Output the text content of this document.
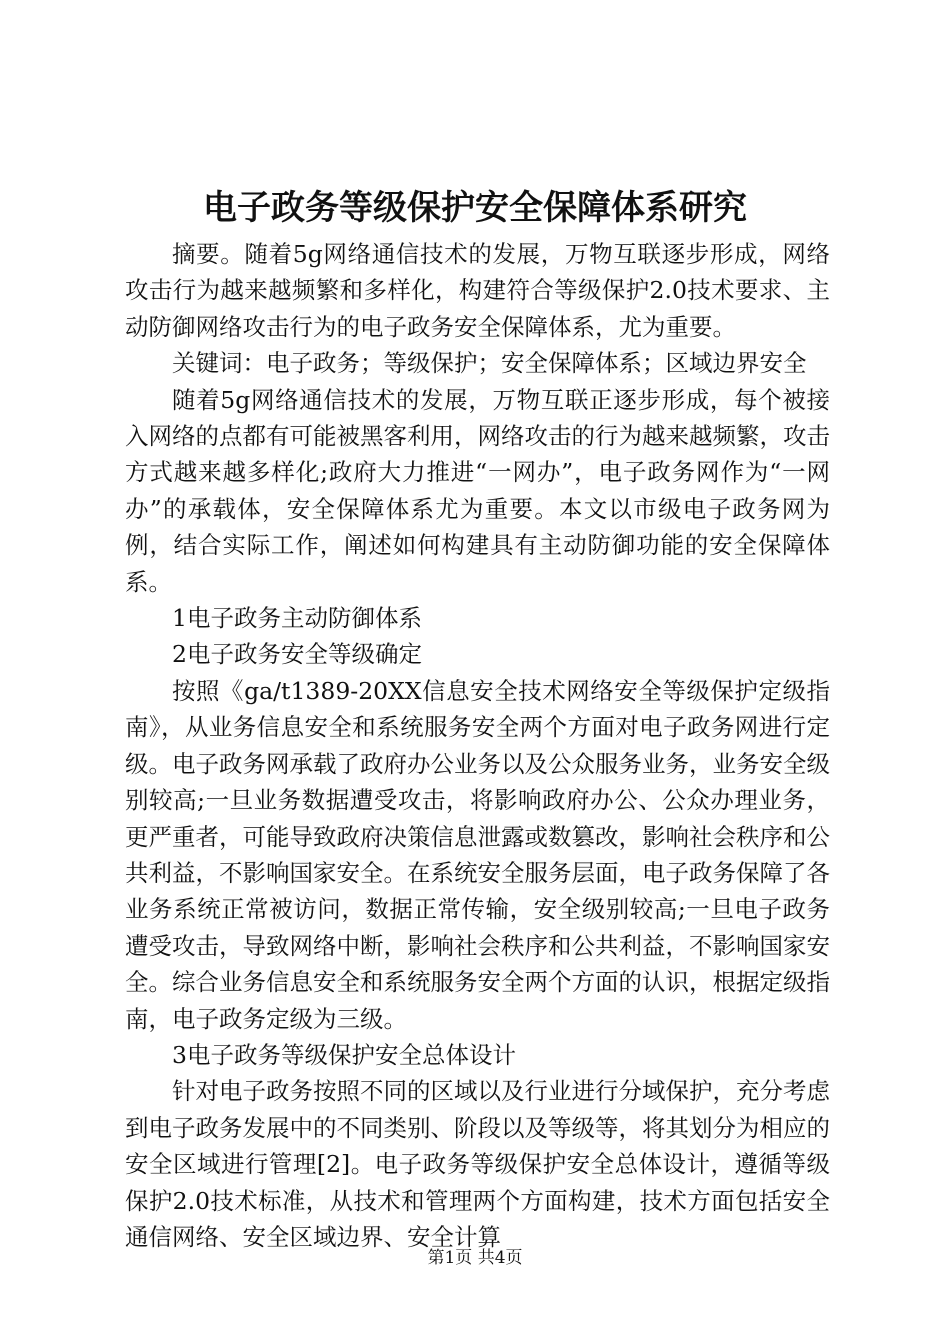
电子政务等级保护安全保障体系研究

摘要。随着5g网络通信技术的发展，万物互联逐步形成，网络攻击行为越来越频繁和多样化，构建符合等级保护2.0技术要求、主动防御网络攻击行为的电子政务安全保障体系，尤为重要。

关键词：电子政务；等级保护；安全保障体系；区域边界安全

随着5g网络通信技术的发展，万物互联正逐步形成，每个被接入网络的点都有可能被黑客利用，网络攻击的行为越来越频繁，攻击方式越来越多样化;政府大力推进“一网办”，电子政务网作为“一网办”的承载体，安全保障体系尤为重要。本文以市级电子政务网为例，结合实际工作，阐述如何构建具有主动防御功能的安全保障体系。

1电子政务主动防御体系

2电子政务安全等级确定

按照《ga/t1389-20XX信息安全技术网络安全等级保护定级指南》，从业务信息安全和系统服务安全两个方面对电子政务网进行定级。电子政务网承载了政府办公业务以及公众服务业务，业务安全级别较高;一旦业务数据遭受攻击，将影响政府办公、公众办理业务，更严重者，可能导致政府决策信息泄露或数篡改，影响社会秩序和公共利益，不影响国家安全。在系统安全服务层面，电子政务保障了各业务系统正常被访问，数据正常传输，安全级别较高;一旦电子政务遭受攻击，导致网络中断，影响社会秩序和公共利益，不影响国家安全。综合业务信息安全和系统服务安全两个方面的认识，根据定级指南，电子政务定级为三级。

3电子政务等级保护安全总体设计

针对电子政务按照不同的区域以及行业进行分域保护，充分考虑到电子政务发展中的不同类别、阶段以及等级等，将其划分为相应的安全区域进行管理[2]。电子政务等级保护安全总体设计，遵循等级保护2.0技术标准，从技术和管理两个方面构建，技术方面包括安全通信网络、安全区域边界、安全计算

第1页 共4页
